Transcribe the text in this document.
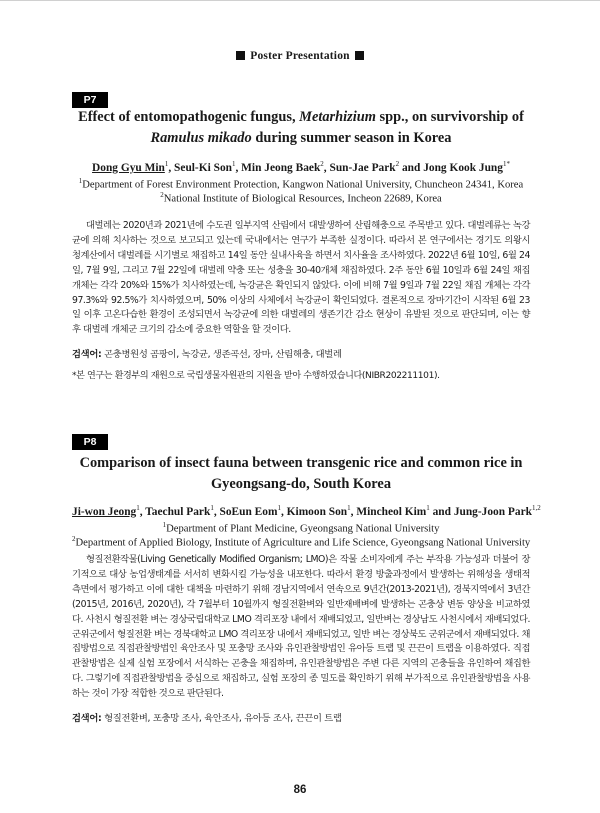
Poster Presentation
P7
Effect of entomopathogenic fungus, Metarhizium spp., on survivorship of Ramulus mikado during summer season in Korea
Dong Gyu Min$^1$, Seul-Ki Son$^1$, Min Jeong Baek$^2$, Sun-Jae Park$^2$ and Jong Kook Jung$^{1*}$
$^1$Department of Forest Environment Protection, Kangwon National University, Chuncheon 24341, Korea
$^2$National Institute of Biological Resources, Incheon 22689, Korea
대벌레는 2020년과 2021년에 수도권 일부지역 산림에서 대발생하여 산림해충으로 주목받고 있다. 대벌레류는 녹강균에 의해 치사하는 것으로 보고되고 있는데 국내에서는 연구가 부족한 실정이다. 따라서 본 연구에서는 경기도 의왕시 청계산에서 대벌레를 시기별로 채집하고 14일 동안 실내사육을 하면서 치사율을 조사하였다. 2022년 6월 10일, 6월 24일, 7월 9일, 그리고 7월 22일에 대벌레 약충 또는 성충을 30-40개체 채집하였다. 2주 동안 6월 10일과 6월 24일 채집 개체는 각각 20%와 15%가 치사하였는데, 녹강균은 확인되지 않았다. 이에 비해 7월 9일과 7월 22일 채집 개체는 각각 97.3%와 92.5%가 치사하였으며, 50% 이상의 사체에서 녹강균이 확인되었다. 결론적으로 장마기간이 시작된 6월 23일 이후 고온다습한 환경이 조성되면서 녹강균에 의한 대벌레의 생존기간 감소 현상이 유발된 것으로 판단되며, 이는 향후 대벌레 개체군 크기의 감소에 중요한 역할을 할 것이다.
검색어: 곤충병원성 곰팡이, 녹강균, 생존곡선, 장마, 산림해충, 대벌레
*본 연구는 환경부의 재원으로 국립생물자원관의 지원을 받아 수행하였습니다(NIBR202211101).
P8
Comparison of insect fauna between transgenic rice and common rice in
Gyeongsang-do, South Korea
Ji-won Jeong$^1$, Taechul Park$^1$, SoEun Eom$^1$, Kimoon Son$^1$, Mincheol Kim$^1$ and Jung-Joon Park$^{1,2}$
$^1$Department of Plant Medicine, Gyeongsang National University
$^2$Department of Applied Biology, Institute of Agriculture and Life Science, Gyeongsang National University
형질전환작물(Living Genetically Modified Organism; LMO)은 작물 소비자에게 주는 부작용 가능성과 더불어 장기적으로 대상 농업생태계를 서서히 변화시킬 가능성을 내포한다. 따라서 환경 방출과정에서 발생하는 위해성을 생태적 측면에서 평가하고 이에 대한 대책을 마련하기 위해 경남지역에서 연속으로 9년간(2013-2021년), 경북지역에서 3년간(2015년, 2016년, 2020년), 각 7월부터 10월까지 형질전환벼와 일반재배벼에 발생하는 곤충상 변동 양상을 비교하였다. 사천시 형질전환 벼는 경상국립대학교 LMO 격리포장 내에서 재배되었고, 일반벼는 경상남도 사천시에서 재배되었다. 군위군에서 형질전환 벼는 경북대학교 LMO 격리포장 내에서 재배되었고, 일반 벼는 경상북도 군위군에서 재배되었다. 채집방법으로 직접관찰방법인 육안조사 및 포충망 조사와 유인관찰방법인 유아등 트랩 및 끈끈이 트랩을 이용하였다. 직접관찰방법은 실제 실험 포장에서 서식하는 곤충을 채집하며, 유인관찰방법은 주변 다른 지역의 곤충들을 유인하여 채집한다. 그렇기에 직접관찰방법을 중심으로 채집하고, 실험 포장의 종 밀도를 확인하기 위해 부가적으로 유인관찰방법을 사용하는 것이 가장 적합한 것으로 판단된다.
검색어: 형질전환벼, 포충망 조사, 육안조사, 유아등 조사, 끈끈이 트랩
86
